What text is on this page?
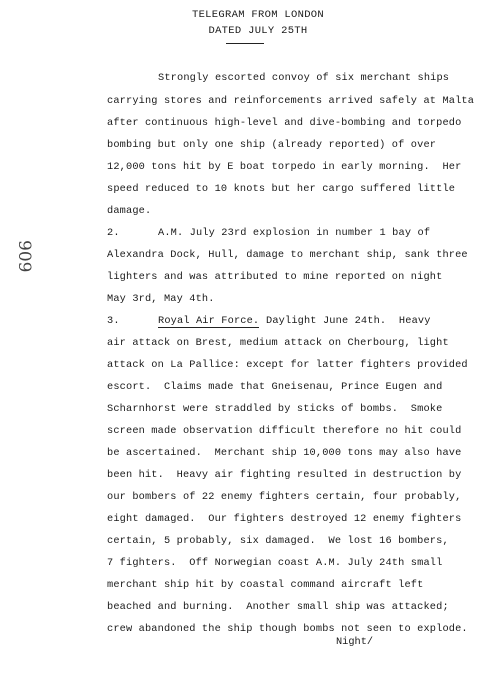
TELEGRAM FROM LONDON
DATED JULY 25TH
909
Strongly escorted convoy of six merchant ships
carrying stores and reinforcements arrived safely at Malta
after continuous high-level and dive-bombing and torpedo
bombing but only one ship (already reported) of over
12,000 tons hit by E boat torpedo in early morning.  Her
speed reduced to 10 knots but her cargo suffered little
damage.
2.	A.M. July 23rd explosion in number 1 bay of
Alexandra Dock, Hull, damage to merchant ship, sank three
lighters and was attributed to mine reported on night
May 3rd, May 4th.
3.	Royal Air Force. Daylight June 24th.  Heavy
air attack on Brest, medium attack on Cherbourg, light
attack on La Pallice: except for latter fighters provided
escort.  Claims made that Gneisenau, Prince Eugen and
Scharnhorst were straddled by sticks of bombs.  Smoke
screen made observation difficult therefore no hit could
be ascertained.  Merchant ship 10,000 tons may also have
been hit.  Heavy air fighting resulted in destruction by
our bombers of 22 enemy fighters certain, four probably,
eight damaged.  Our fighters destroyed 12 enemy fighters
certain, 5 probably, six damaged.  We lost 16 bombers,
7 fighters.  Off Norwegian coast A.M. July 24th small
merchant ship hit by coastal command aircraft left
beached and burning.  Another small ship was attacked;
crew abandoned the ship though bombs not seen to explode.
Night/
